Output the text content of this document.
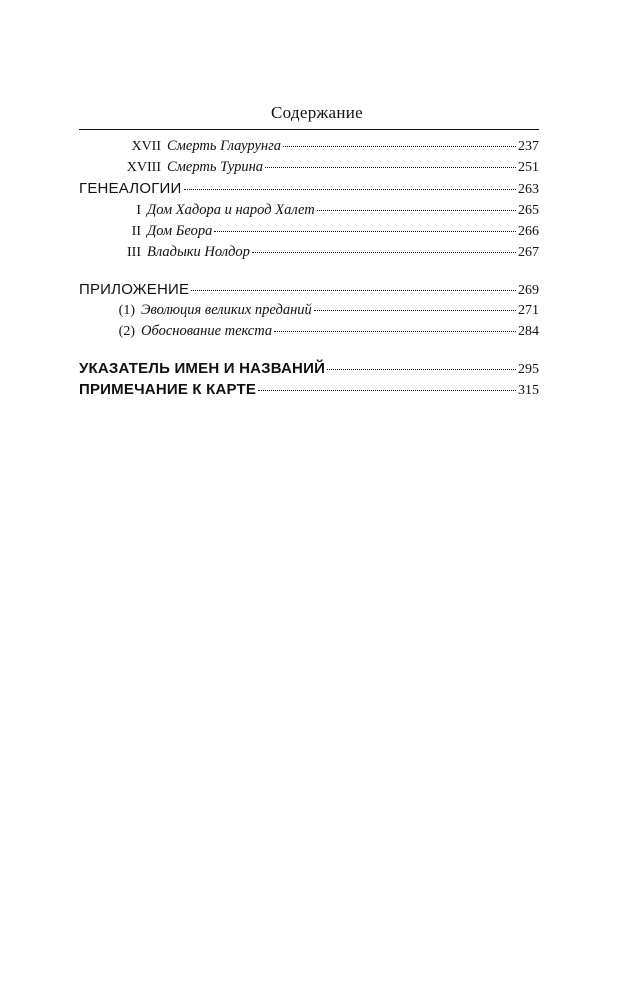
Содержание
XVII Смерть Глаурунга	237
XVIII Смерть Турина	251
ГЕНЕАЛОГИИ	263
I Дом Хадора и народ Халет	265
II Дом Беора	266
III Владыки Нолдор	267
ПРИЛОЖЕНИЕ	269
(1) Эволюция великих преданий	271
(2) Обоснование текста	284
УКАЗАТЕЛЬ ИМЕН И НАЗВАНИЙ	295
ПРИМЕЧАНИЕ К КАРТЕ	315
